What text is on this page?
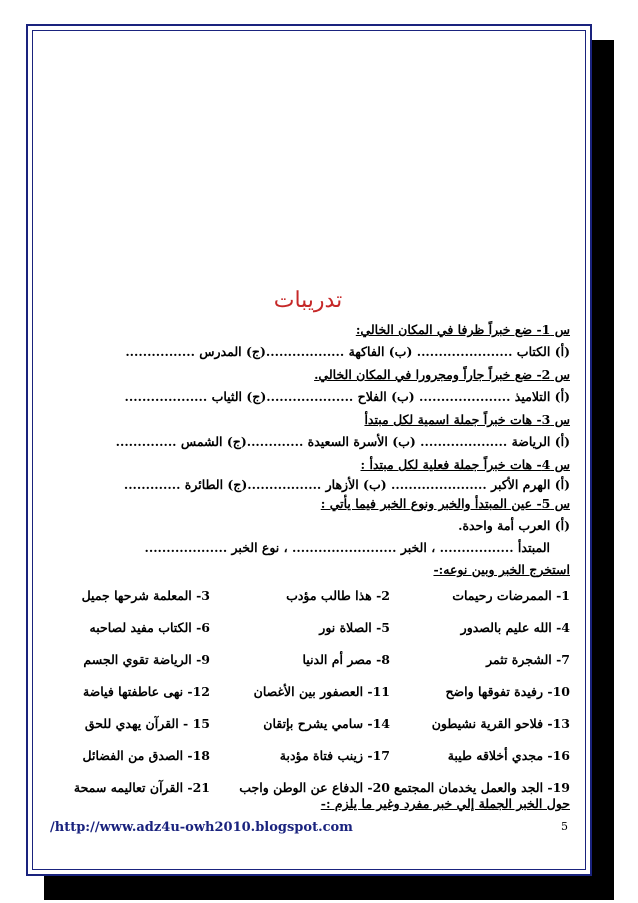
تدريبات
س 1- ضع خبراً ظرفا في المكان الخالي:
(أ) الكتاب ...................... (ب) الفاكهة ..................(ج) المدرس ................
س 2- ضع خبراً جاراً ومجرورا في المكان الخالي.
(أ) التلاميذ ..................... (ب) الفلاح ....................(ج) الثياب ...................
س 3- هات خبراً جملة اسمية لكل مبتدأ
(أ) الرياضة .................... (ب) الأسرة السعيدة .............(ج) الشمس ..............
س 4- هات خبراً جملة فعلية لكل مبتدأ :
(أ) الهرم الأكبر ...................... (ب) الأزهار .................(ج) الطائرة .............
س 5- عين المبتدأ والخبر ونوع الخبر فيما يأتي :
(أ) العرب أمة واحدة.
المبتدأ ................. ، الخبر ........................ ، نوع الخبر ...................
استخرج الخبر وبين نوعه:-
1- الممرضات رحيمات
2- هذا طالب مؤدب
3- المعلمة شرحها جميل
4- الله عليم بالصدور
5- الصلاة نور
6- الكتاب مفيد لصاحبه
7- الشجرة تثمر
8- مصر أم الدنيا
9- الرياضة تقوي الجسم
10- رفيدة تفوقها واضح
11- العصفور بين الأغصان
12- نهى عاطفتها فياضة
13- فلاحو القرية نشيطون
14- سامي يشرح بإتقان
15 - القرآن يهدي للحق
16- مجدي أخلاقه طيبة
17- زينب فتاة مؤدبة
18- الصدق من الفضائل
19- الجد والعمل يخدمان المجتمع
20- الدفاع عن الوطن واجب
21- القرآن تعاليمه سمحة
حول الخبر الجملة إلي خبر مفرد وغير ما يلزم :-
/http://www.adz4u-owh2010.blogspot.com	5
